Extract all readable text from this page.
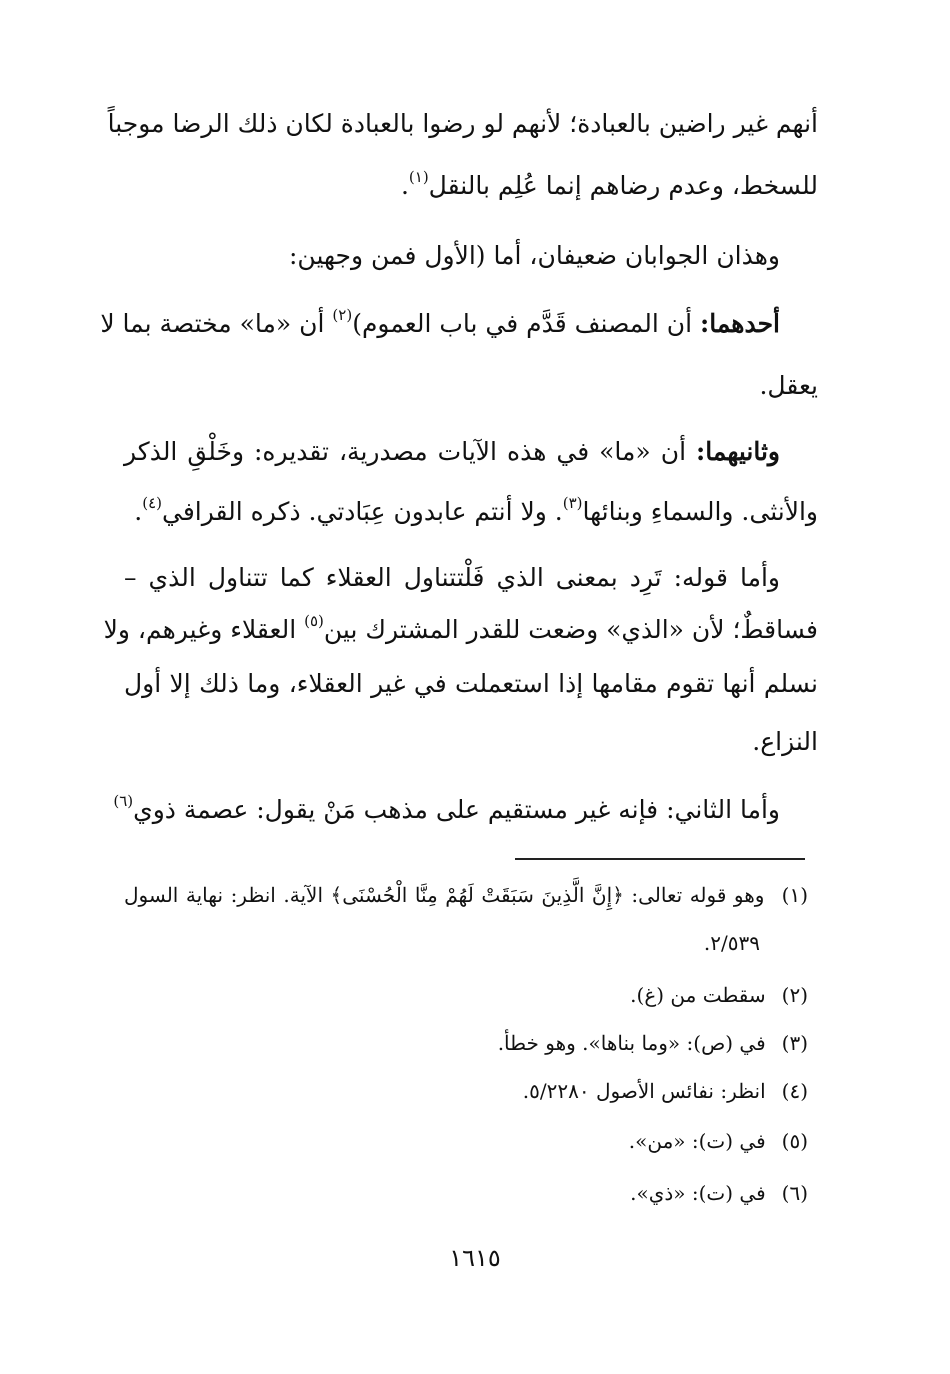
أنهم غير راضين بالعبادة؛ لأنهم لو رضوا بالعبادة لكان ذلك الرضا موجباً
للسخط، وعدم رضاهم إنما عُلِم بالنقل$^{(١)}$.
وهذان الجوابان ضعيفان، أما (الأول فمن وجهين:
أحدهما: أن المصنف قَدَّم في باب العموم)$^{(٢)}$ أن «ما» مختصة بما لا
يعقل.
وثانيهما: أن «ما» في هذه الآيات مصدرية، تقديره: وخَلْقِ الذكر
والأنثى. والسماءِ وبنائها$^{(٣)}$. ولا أنتم عابدون عِبَادتي. ذكره القرافي$^{(٤)}$.
وأما قوله: تَرِد بمعنى الذي فَلْتتناول العقلاء كما تتناول الذي –
فساقطٌ؛ لأن «الذي» وضعت للقدر المشترك بين$^{(٥)}$ العقلاء وغيرهم، ولا
نسلم أنها تقوم مقامها إذا استعملت في غير العقلاء، وما ذلك إلا أول
النزاع.
وأما الثاني: فإنه غير مستقيم على مذهب مَنْ يقول: عصمة ذوي$^{(٦)}$
(١) وهو قوله تعالى: ﴿إِنَّ الَّذِينَ سَبَقَتْ لَهُمْ مِنَّا الْحُسْنَى﴾ الآية. انظر: نهاية السول
٢/٥٣٩.
(٢) سقطت من (غ).
(٣) في (ص): «وما بناها». وهو خطأ.
(٤) انظر: نفائس الأصول ٥/٢٢٨٠.
(٥) في (ت): «من».
(٦) في (ت): «ذي».
١٦١٥
